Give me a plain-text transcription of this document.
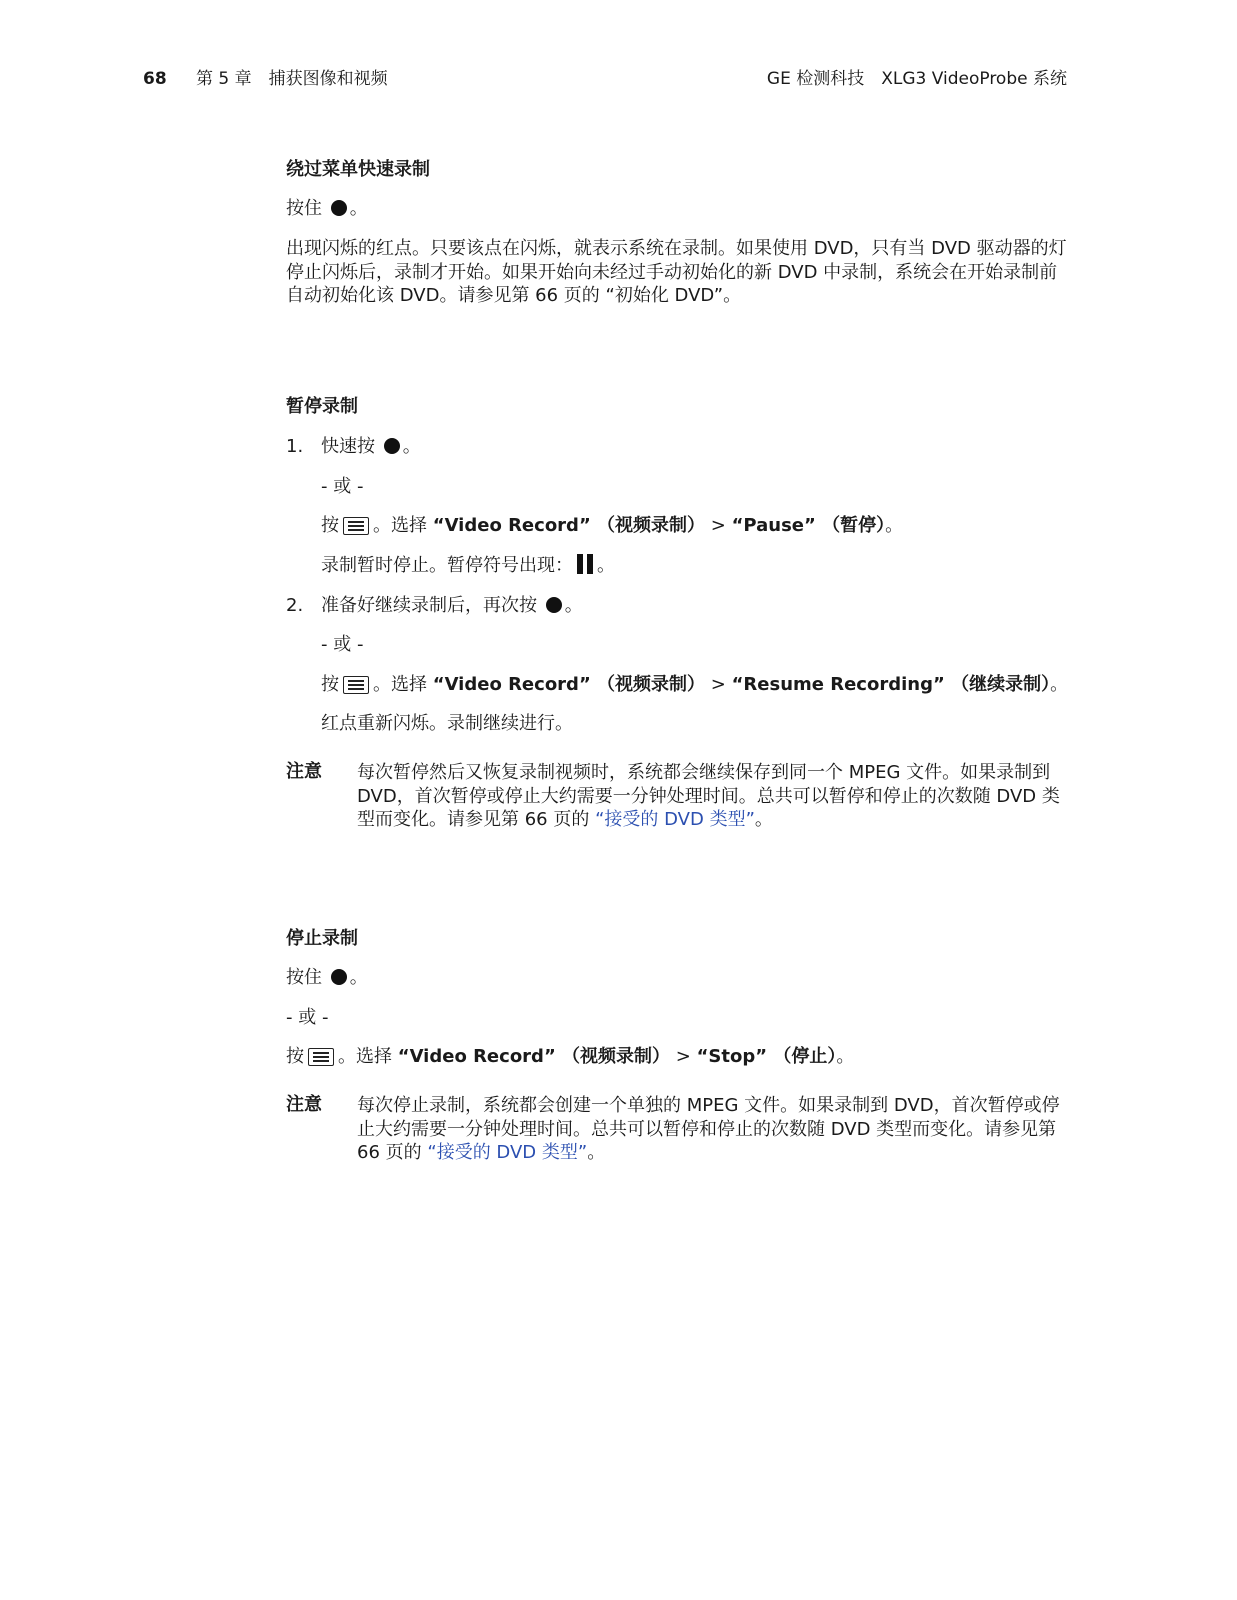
68 第 5 章　捕获图像和视频	GE 检测科技　XLG3 VideoProbe 系统
绕过菜单快速录制
按住 。
出现闪烁的红点。只要该点在闪烁，就表示系统在录制。如果使用 DVD，只有当 DVD 驱动器的灯停止闪烁后，录制才开始。如果开始向未经过手动初始化的新 DVD 中录制，系统会在开始录制前自动初始化该 DVD。请参见第 66 页的 “初始化 DVD”。
暂停录制
1. 快速按 。
- 或 -
按 。选择 “Video Record” （视频录制） > “Pause” （暂停）。
录制暂时停止。暂停符号出现： 。
2. 准备好继续录制后，再次按 。
- 或 -
按 。选择 “Video Record” （视频录制） > “Resume Recording” （继续录制）。
红点重新闪烁。录制继续进行。
注意 每次暂停然后又恢复录制视频时，系统都会继续保存到同一个 MPEG 文件。如果录制到 DVD，首次暂停或停止大约需要一分钟处理时间。总共可以暂停和停止的次数随 DVD 类型而变化。请参见第 66 页的 “接受的 DVD 类型”。
停止录制
按住 。
- 或 -
按 。选择 “Video Record” （视频录制） > “Stop” （停止）。
注意 每次停止录制，系统都会创建一个单独的 MPEG 文件。如果录制到 DVD，首次暂停或停止大约需要一分钟处理时间。总共可以暂停和停止的次数随 DVD 类型而变化。请参见第 66 页的 “接受的 DVD 类型”。
